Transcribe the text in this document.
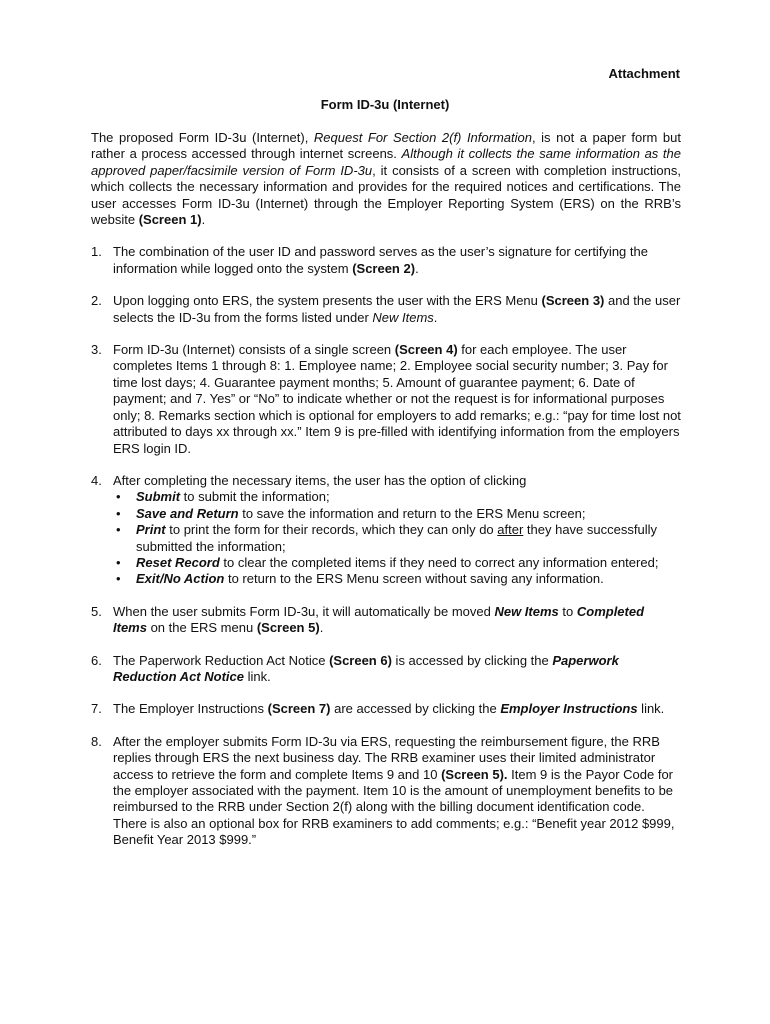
Attachment
Form ID-3u (Internet)

The proposed Form ID-3u (Internet), Request For Section 2(f) Information, is not a paper form but rather a process accessed through internet screens. Although it collects the same information as the approved paper/facsimile version of Form ID-3u, it consists of a screen with completion instructions, which collects the necessary information and provides for the required notices and certifications. The user accesses Form ID-3u (Internet) through the Employer Reporting System (ERS) on the RRB’s website (Screen 1).

1. The combination of the user ID and password serves as the user’s signature for certifying the information while logged onto the system (Screen 2).
2. Upon logging onto ERS, the system presents the user with the ERS Menu (Screen 3) and the user selects the ID-3u from the forms listed under New Items.
3. Form ID-3u (Internet) consists of a single screen (Screen 4) for each employee. The user completes Items 1 through 8: 1. Employee name; 2. Employee social security number; 3. Pay for time lost days; 4. Guarantee payment months; 5. Amount of guarantee payment; 6. Date of payment; and 7. Yes” or “No” to indicate whether or not the request is for informational purposes only; 8. Remarks section which is optional for employers to add remarks; e.g.: “pay for time lost not attributed to days xx through xx.” Item 9 is pre-filled with identifying information from the employers ERS login ID.
4. After completing the necessary items, the user has the option of clicking
• Submit to submit the information;
• Save and Return to save the information and return to the ERS Menu screen;
• Print to print the form for their records, which they can only do after they have successfully submitted the information;
• Reset Record to clear the completed items if they need to correct any information entered;
• Exit/No Action to return to the ERS Menu screen without saving any information.
5. When the user submits Form ID-3u, it will automatically be moved New Items to Completed Items on the ERS menu (Screen 5).
6. The Paperwork Reduction Act Notice (Screen 6) is accessed by clicking the Paperwork Reduction Act Notice link.
7. The Employer Instructions (Screen 7) are accessed by clicking the Employer Instructions link.
8. After the employer submits Form ID-3u via ERS, requesting the reimbursement figure, the RRB replies through ERS the next business day. The RRB examiner uses their limited administrator access to retrieve the form and complete Items 9 and 10 (Screen 5). Item 9 is the Payor Code for the employer associated with the payment. Item 10 is the amount of unemployment benefits to be reimbursed to the RRB under Section 2(f) along with the billing document identification code. There is also an optional box for RRB examiners to add comments; e.g.: “Benefit year 2012 $999, Benefit Year 2013 $999.”
